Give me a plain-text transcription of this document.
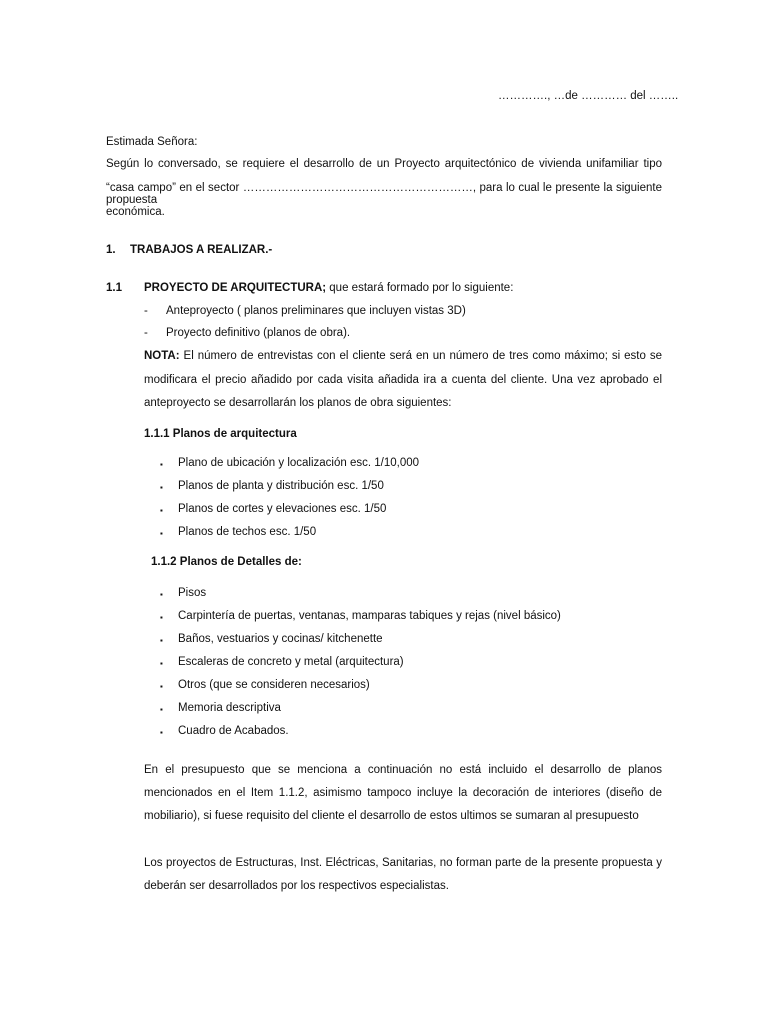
…………., …de ………… del ……..
Estimada Señora:
Según lo conversado, se requiere el desarrollo de un Proyecto arquitectónico de vivienda unifamiliar tipo
“casa campo” en el sector ……………………………………………………, para lo cual le presente la siguiente propuesta
económica.
1. TRABAJOS A REALIZAR.-
1.1 PROYECTO DE ARQUITECTURA; que estará formado por lo siguiente:
- Anteproyecto ( planos preliminares que incluyen vistas 3D)
- Proyecto definitivo (planos de obra).
NOTA: El número de entrevistas con el cliente será en un número de tres como máximo; si esto se
modificara el precio añadido por cada visita añadida ira a cuenta del cliente. Una vez aprobado el
anteproyecto se desarrollarán los planos de obra siguientes:
1.1.1 Planos de arquitectura
▪ Plano de ubicación y localización esc. 1/10,000
▪ Planos de planta y distribución esc. 1/50
▪ Planos de cortes y elevaciones esc. 1/50
▪ Planos de techos esc. 1/50
1.1.2 Planos de Detalles de:
▪ Pisos
▪ Carpintería de puertas, ventanas, mamparas tabiques y rejas (nivel básico)
▪ Baños, vestuarios y cocinas/ kitchenette
▪ Escaleras de concreto y metal (arquitectura)
▪ Otros (que se consideren necesarios)
▪ Memoria descriptiva
▪ Cuadro de Acabados.
En el presupuesto que se menciona a continuación no está incluido el desarrollo de planos
mencionados en el Item 1.1.2, asimismo tampoco incluye la decoración de interiores (diseño de
mobiliario), si fuese requisito del cliente el desarrollo de estos ultimos se sumaran al presupuesto
Los proyectos de Estructuras, Inst. Eléctricas, Sanitarias, no forman parte de la presente propuesta y
deberán ser desarrollados por los respectivos especialistas.
